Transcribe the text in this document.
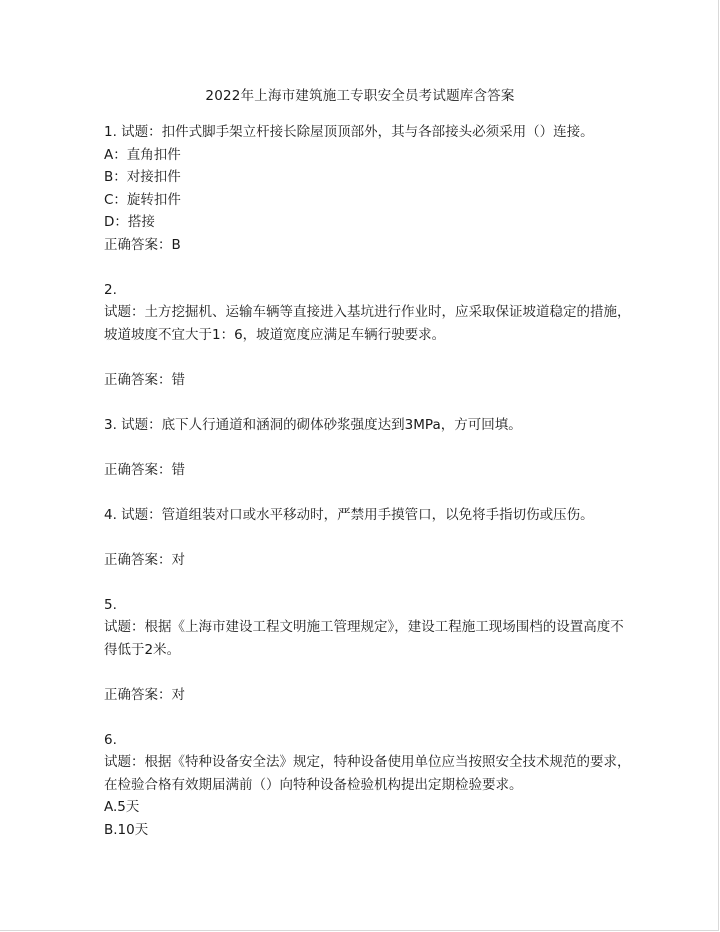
2022年上海市建筑施工专职安全员考试题库含答案
1. 试题：扣件式脚手架立杆接长除屋顶顶部外，其与各部接头必须采用（）连接。
A：直角扣件
B：对接扣件
C：旋转扣件
D：搭接
正确答案：B
2.
试题：土方挖掘机、运输车辆等直接进入基坑进行作业时，应采取保证坡道稳定的措施，
坡道坡度不宜大于1：6，坡道宽度应满足车辆行驶要求。
正确答案：错
3. 试题：底下人行通道和涵洞的砌体砂浆强度达到3MPa，方可回填。
正确答案：错
4. 试题：管道组装对口或水平移动时，严禁用手摸管口，以免将手指切伤或压伤。
正确答案：对
5.
试题：根据《上海市建设工程文明施工管理规定》，建设工程施工现场围档的设置高度不
得低于2米。
正确答案：对
6.
试题：根据《特种设备安全法》规定，特种设备使用单位应当按照安全技术规范的要求，
在检验合格有效期届满前（）向特种设备检验机构提出定期检验要求。
A.5天
B.10天
